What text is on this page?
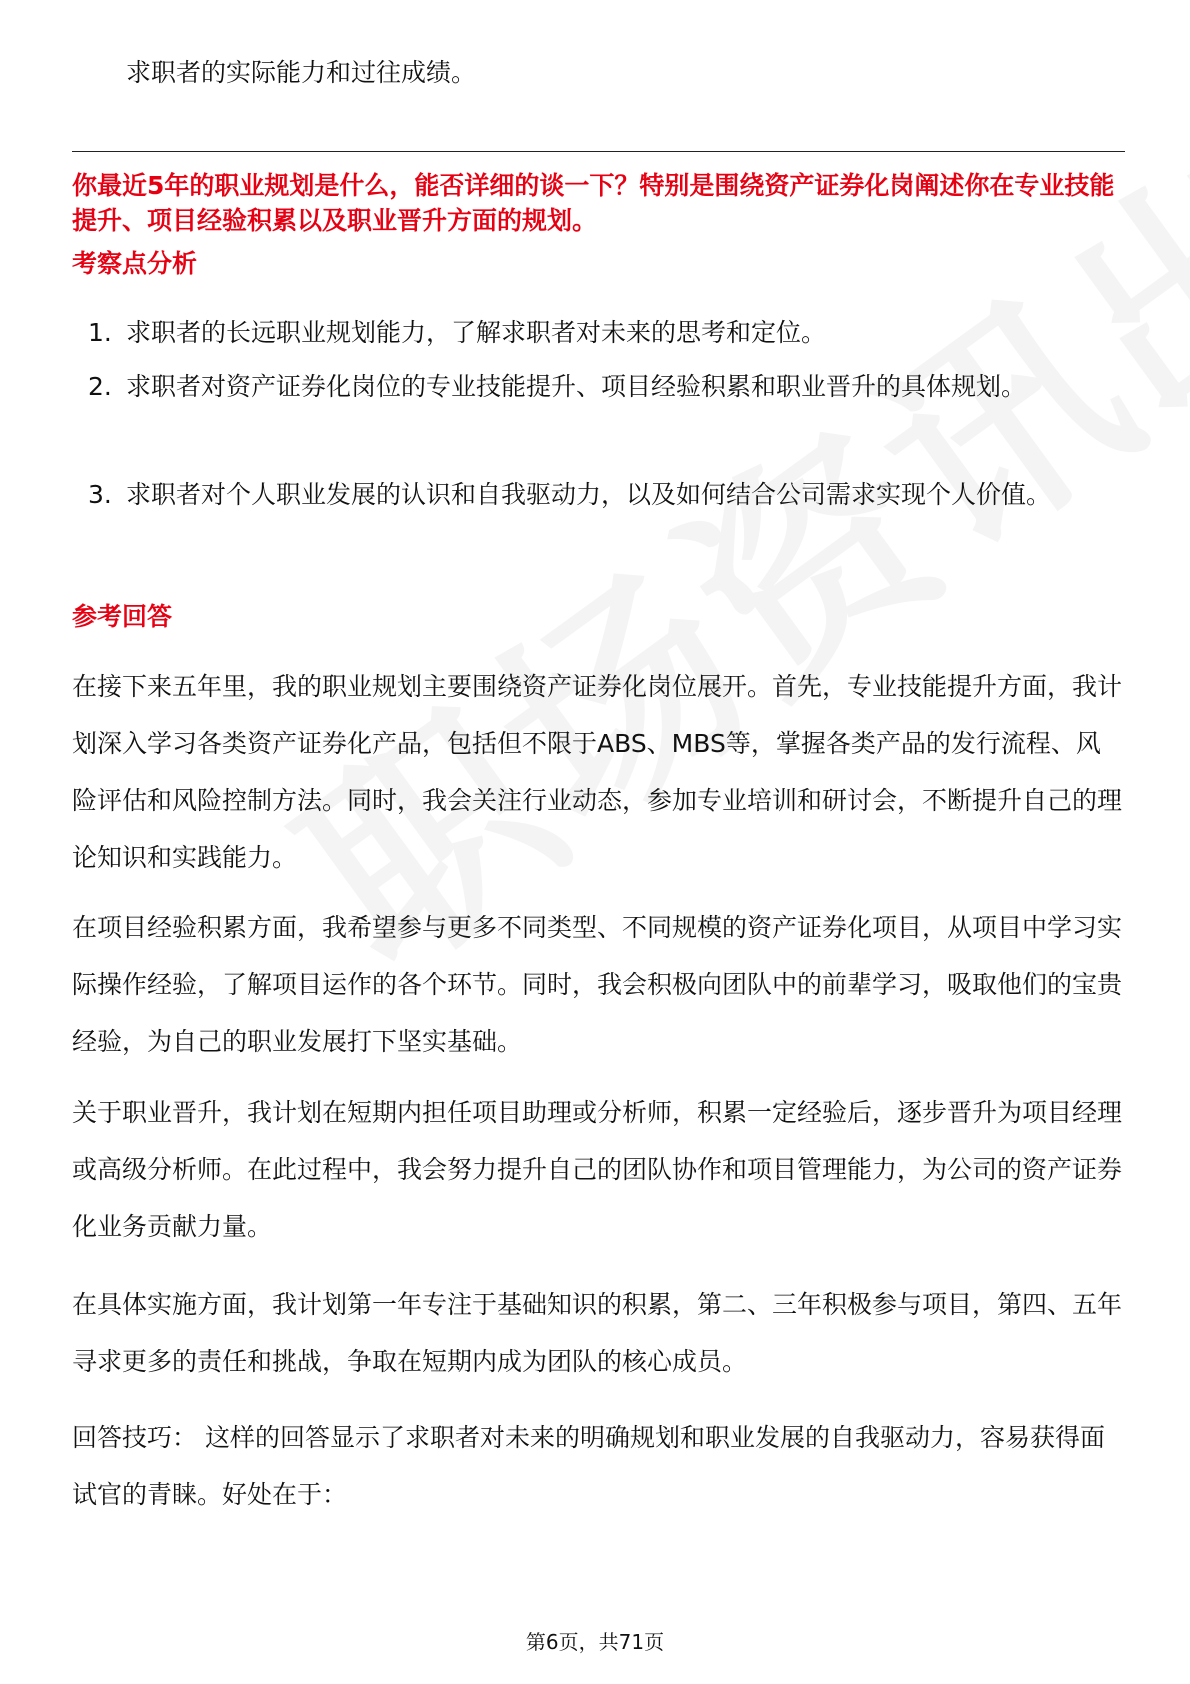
求职者的实际能力和过往成绩。
你最近5年的职业规划是什么，能否详细的谈一下？特别是围绕资产证券化岗阐述你在专业技能提升、项目经验积累以及职业晋升方面的规划。
考察点分析
1. 求职者的长远职业规划能力，了解求职者对未来的思考和定位。
2. 求职者对资产证券化岗位的专业技能提升、项目经验积累和职业晋升的具体规划。
3. 求职者对个人职业发展的认识和自我驱动力，以及如何结合公司需求实现个人价值。
参考回答

在接下来五年里，我的职业规划主要围绕资产证券化岗位展开。首先，专业技能提升方面，我计划深入学习各类资产证券化产品，包括但不限于ABS、MBS等，掌握各类产品的发行流程、风险评估和风险控制方法。同时，我会关注行业动态，参加专业培训和研讨会，不断提升自己的理论知识和实践能力。

在项目经验积累方面，我希望参与更多不同类型、不同规模的资产证券化项目，从项目中学习实际操作经验，了解项目运作的各个环节。同时，我会积极向团队中的前辈学习，吸取他们的宝贵经验，为自己的职业发展打下坚实基础。

关于职业晋升，我计划在短期内担任项目助理或分析师，积累一定经验后，逐步晋升为项目经理或高级分析师。在此过程中，我会努力提升自己的团队协作和项目管理能力，为公司的资产证券化业务贡献力量。

在具体实施方面，我计划第一年专注于基础知识的积累，第二、三年积极参与项目，第四、五年寻求更多的责任和挑战，争取在短期内成为团队的核心成员。

回答技巧： 这样的回答显示了求职者对未来的明确规划和职业发展的自我驱动力，容易获得面试官的青睐。好处在于：

第6页，共71页
